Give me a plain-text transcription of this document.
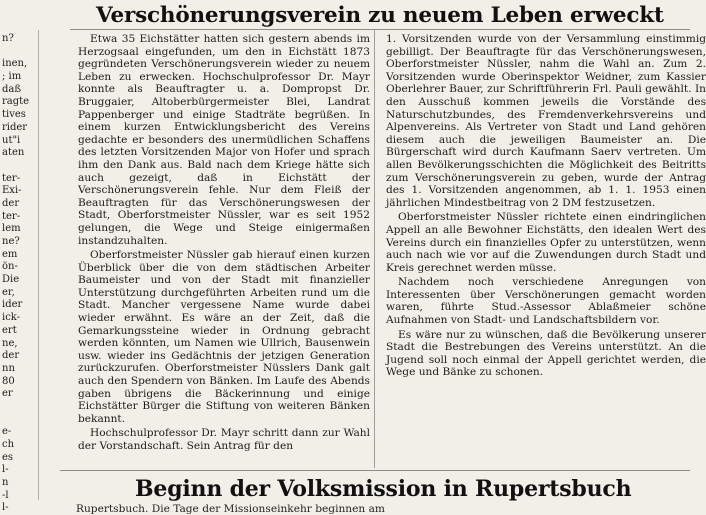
Verschönerungsverein zu neuem Leben erweckt
n?
inen,
; im
daß
ragte
tives
rider
ut"i
aten
ter-
Exi-
der
ter-
lem
ne?
em
ön-
Die
er,
ider
ick-
ert
ne,
der
nn
80
er
e-
ch
es
l-
n
-l
l-

Etwa 35 Eichstätter hatten sich gestern abends im Herzogsaal eingefunden, um den in Eichstätt 1873 gegründeten Verschönerungsverein wieder zu neuem Leben zu erwecken. Hochschulprofessor Dr. Mayr konnte als Beauftragter u. a. Dompropst Dr. Bruggaier, Altoberbürgermeister Blei, Landrat Pappenberger und einige Stadträte begrüßen. In einem kurzen Entwicklungsbericht des Vereins gedachte er besonders des unermüdlichen Schaffens des letzten Vorsitzenden Major von Hofer und sprach ihm den Dank aus. Bald nach dem Kriege hätte sich auch gezeigt, daß in Eichstätt der Verschönerungsverein fehle. Nur dem Fleiß der Beauftragten für das Verschönerungswesen der Stadt, Oberforstmeister Nüssler, war es seit 1952 gelungen, die Wege und Steige einigermaßen instandzuhalten.

Oberforstmeister Nüssler gab hierauf einen kurzen Überblick über die von dem städtischen Arbeiter Baumeister und von der Stadt mit finanzieller Unterstützung durchgeführten Arbeiten rund um die Stadt. Mancher vergessene Name wurde dabei wieder erwähnt. Es wäre an der Zeit, daß die Gemarkungssteine wieder in Ordnung gebracht werden könnten, um Namen wie Ullrich, Bausenwein usw. wieder ins Gedächtnis der jetzigen Generation zurückzurufen. Oberforstmeister Nüsslers Dank galt auch den Spendern von Bänken. Im Laufe des Abends gaben übrigens die Bäckerinnung und einige Eichstätter Bürger die Stiftung von weiteren Bänken bekannt.

Hochschulprofessor Dr. Mayr schritt dann zur Wahl der Vorstandschaft. Sein Antrag für den

1. Vorsitzenden wurde von der Versammlung einstimmig gebilligt. Der Beauftragte für das Verschönerungswesen, Oberforstmeister Nüssler, nahm die Wahl an. Zum 2. Vorsitzenden wurde Oberinspektor Weidner, zum Kassier Oberlehrer Bauer, zur Schriftführerin Frl. Pauli gewählt. In den Ausschuß kommen jeweils die Vorstände des Naturschutzbundes, des Fremdenverkehrsvereins und Alpenvereins. Als Vertreter von Stadt und Land gehören diesem auch die jeweiligen Baumeister an. Die Bürgerschaft wird durch Kaufmann Saerv vertreten. Um allen Bevölkerungsschichten die Möglichkeit des Beitritts zum Verschönerungsverein zu geben, wurde der Antrag des 1. Vorsitzenden angenommen, ab 1. 1. 1953 einen jährlichen Mindestbeitrag von 2 DM festzusetzen.

Oberforstmeister Nüssler richtete einen eindringlichen Appell an alle Bewohner Eichstätts, den idealen Wert des Vereins durch ein finanzielles Opfer zu unterstützen, wenn auch nach wie vor auf die Zuwendungen durch Stadt und Kreis gerechnet werden müsse.

Nachdem noch verschiedene Anregungen von Interessenten über Verschönerungen gemacht worden waren, führte Stud.-Assessor Ablaßmeier schöne Aufnahmen von Stadt- und Landschaftsbildern vor.

Es wäre nur zu wünschen, daß die Bevölkerung unserer Stadt die Bestrebungen des Vereins unterstützt. An die Jugend soll noch einmal der Appell gerichtet werden, die Wege und Bänke zu schonen.

Beginn der Volksmission in Rupertsbuch
Rupertsbuch. Die Tage der Missionseinkehr beginnen am
